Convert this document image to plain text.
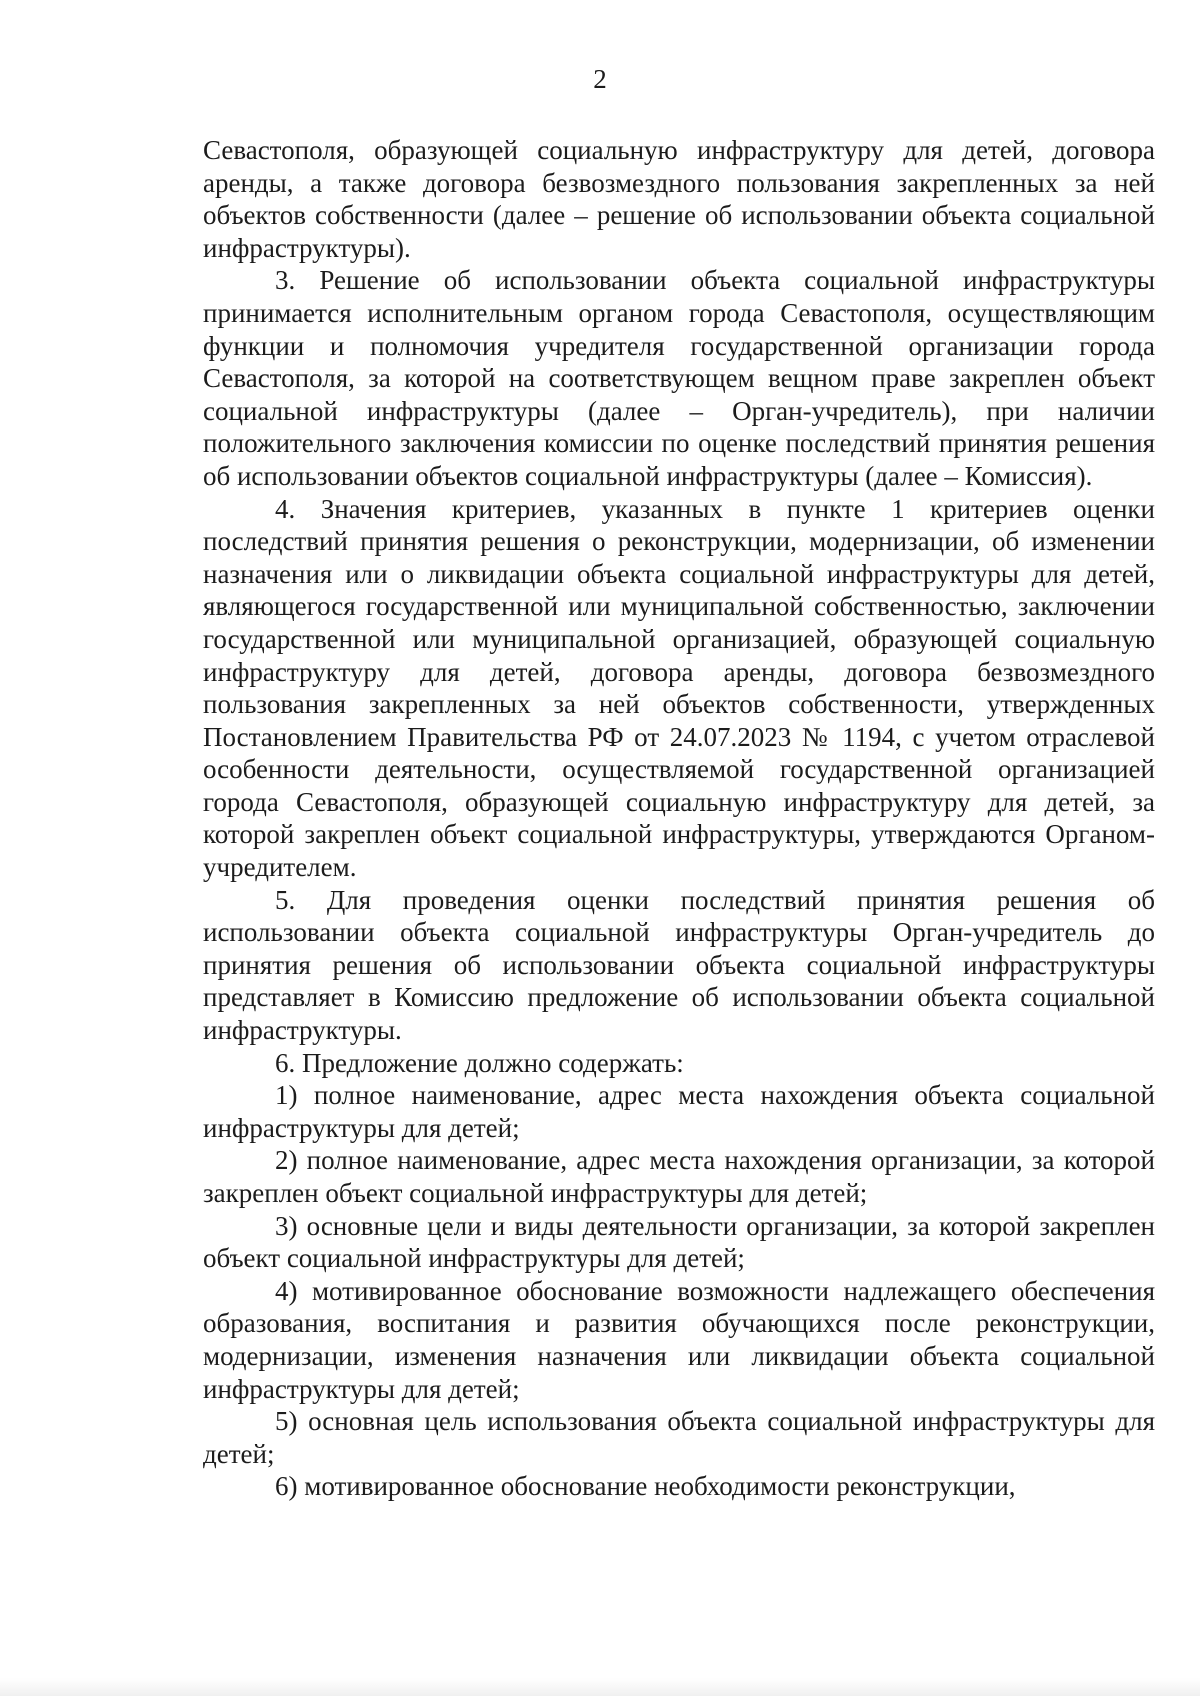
2

Севастополя, образующей социальную инфраструктуру для детей, договора аренды, а также договора безвозмездного пользования закрепленных за ней объектов собственности (далее – решение об использовании объекта социальной инфраструктуры).

3. Решение об использовании объекта социальной инфраструктуры принимается исполнительным органом города Севастополя, осуществляющим функции и полномочия учредителя государственной организации города Севастополя, за которой на соответствующем вещном праве закреплен объект социальной инфраструктуры (далее – Орган-учредитель), при наличии положительного заключения комиссии по оценке последствий принятия решения об использовании объектов социальной инфраструктуры (далее – Комиссия).

4. Значения критериев, указанных в пункте 1 критериев оценки последствий принятия решения о реконструкции, модернизации, об изменении назначения или о ликвидации объекта социальной инфраструктуры для детей, являющегося государственной или муниципальной собственностью, заключении государственной или муниципальной организацией, образующей социальную инфраструктуру для детей, договора аренды, договора безвозмездного пользования закрепленных за ней объектов собственности, утвержденных Постановлением Правительства РФ от 24.07.2023 № 1194, с учетом отраслевой особенности деятельности, осуществляемой государственной организацией города Севастополя, образующей социальную инфраструктуру для детей, за которой закреплен объект социальной инфраструктуры, утверждаются Органом-учредителем.

5. Для проведения оценки последствий принятия решения об использовании объекта социальной инфраструктуры Орган-учредитель до принятия решения об использовании объекта социальной инфраструктуры представляет в Комиссию предложение об использовании объекта социальной инфраструктуры.

6. Предложение должно содержать:

1) полное наименование, адрес места нахождения объекта социальной инфраструктуры для детей;

2) полное наименование, адрес места нахождения организации, за которой закреплен объект социальной инфраструктуры для детей;

3) основные цели и виды деятельности организации, за которой закреплен объект социальной инфраструктуры для детей;

4) мотивированное обоснование возможности надлежащего обеспечения образования, воспитания и развития обучающихся после реконструкции, модернизации, изменения назначения или ликвидации объекта социальной инфраструктуры для детей;

5) основная цель использования объекта социальной инфраструктуры для детей;

6) мотивированное обоснование необходимости реконструкции,
